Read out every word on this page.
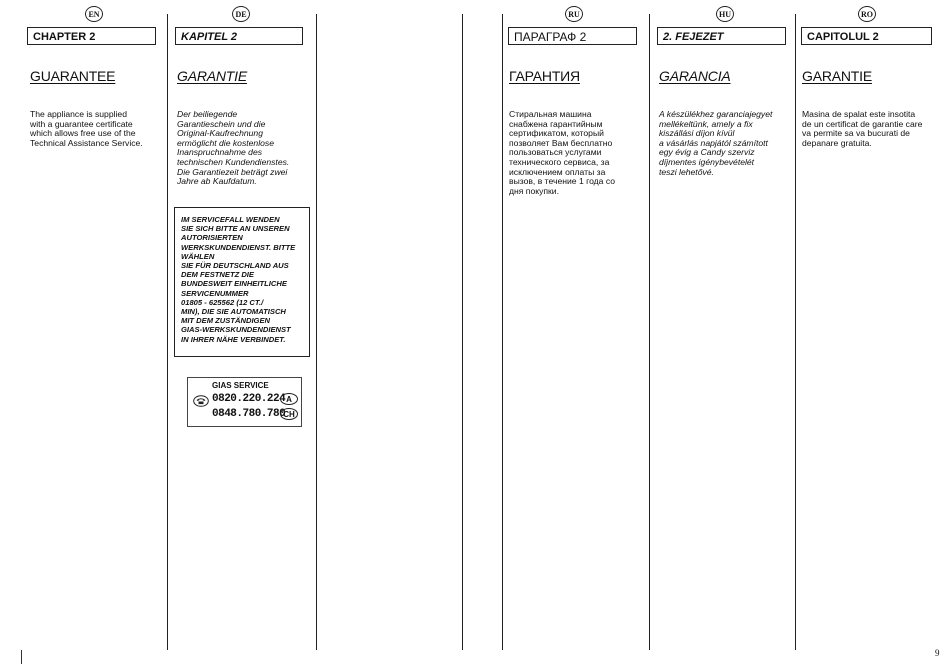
EN
CHAPTER 2
GUARANTEE
The appliance is supplied
with a guarantee certificate
which allows free use of the
Technical Assistance Service.
DE
KAPITEL 2
GARANTIE
Der beiliegende
Garantieschein und die
Original-Kaufrechnung
ermöglicht die kostenlose
Inanspruchnahme des
technischen Kundendienstes.
Die Garantiezeit beträgt zwei
Jahre ab Kaufdatum.
IM SERVICEFALL WENDEN
SIE SICH BITTE AN UNSEREN
AUTORISIERTEN
WERKSKUNDENDIENST. BITTE
WÄHLEN
SIE FÜR DEUTSCHLAND AUS
DEM FESTNETZ DIE
BUNDESWEIT EINHEITLICHE
SERVICENUMMER
01805 - 625562 (12 CT./
MIN), DIE SIE AUTOMATISCH
MIT DEM ZUSTÄNDIGEN
GIAS-WERKSKUNDENDIENST
IN IHRER NÄHE VERBINDET.
GIAS SERVICE
0820.220.224 A
0848.780.780
CH
RU
ПАРАГРАФ 2
ГАРАНТИЯ
Стиральная машина
снабжена гарантийным
сертификатом, который
позволяет Вам бесплатно
пользоваться услугами
технического сервиса, за
исключением оплаты за
вызов, в течение 1 года со
дня покупки.
HU
2. FEJEZET
GARANCIA
A készülékhez garanciajegyet
mellékeltünk, amely a fix
kiszállási díjon kívül
a vásárlás napjától számított
egy évig a Candy szerviz
díjmentes igénybevételét
teszi lehetővé.
RO
CAPITOLUL 2
GARANTIE
Masina de spalat este insotita
de un certificat de garantie care
va permite sa va bucurati de
depanare gratuita.
9
